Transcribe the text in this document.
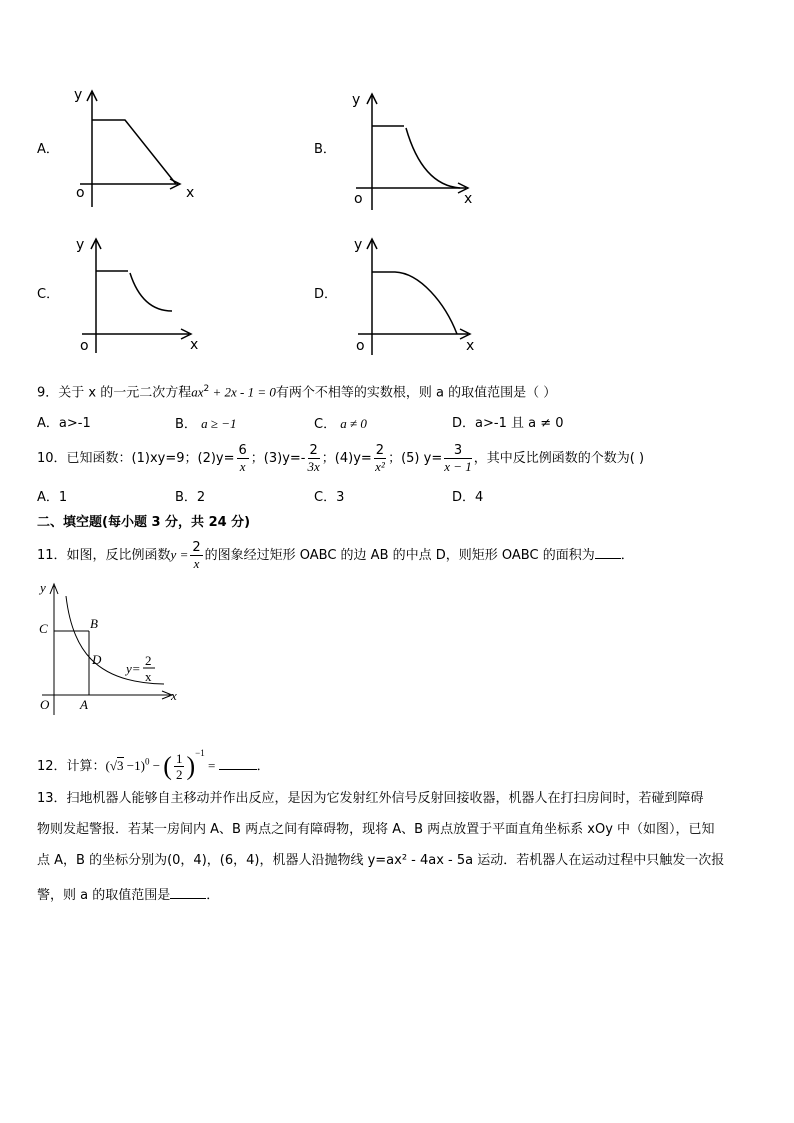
A．
y
o	x
B．
y
o	x
C．
y
o	x
D．
y
o	x
9．关于 x 的一元二次方程$ax^2 + 2x - 1 = 0$有两个不相等的实数根，则 a 的取值范围是（ ）
A．a>-1	B． a ≥ −1	C． a ≠ 0	D．a>-1 且 a ≠ 0
10．已知函数：(1)xy=9；$(2)y= \frac{6}{x}$ ；$(3)y=- \frac{2}{3x}$ ；$(4)y= \frac{2}{\text{x²}}$ ；(5) $y= \frac{3}{x - 1}$ ，其中反比例函数的个数为( )
A．1	B．2	C．3	D．4
二、填空题(每小题 3 分，共 24 分)
11．如图，反比例函数$y = \frac{2}{x}$ 的图象经过矩形 OABC 的边 AB 的中点 D，则矩形 OABC 的面积为 ．
y
x
O A
B
C
D
y=
2
x
12．计算：$(√3 -1)^0$ − ( $\frac{1}{2} )^{-1}$ =	．
13．扫地机器人能够自主移动并作出反应，是因为它发射红外信号反射回接收器，机器人在打扫房间时，若碰到障碍
物则发起警报．若某一房间内 A、B 两点之间有障碍物，现将 A、B 两点放置于平面直角坐标系 xOy 中（如图），已知
点 A，B 的坐标分别为(0，4)，(6，4)，机器人沿抛物线 y=ax² - 4ax - 5a 运动．若机器人在运动过程中只触发一次报
警，则 a 的取值范围是	．
